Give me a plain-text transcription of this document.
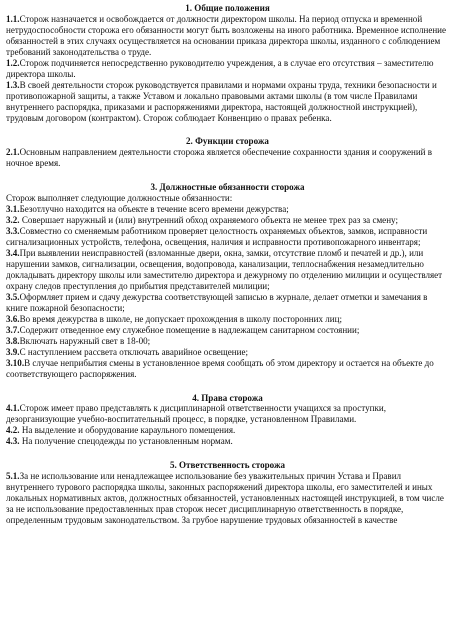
1. Общие положения

1.1.Сторож назначается и освобождается от должности директором школы. На период отпуска и временной нетрудоспособности сторожа его обязанности могут быть возложены на иного работника. Временное исполнение обязанностей в этих случаях осуществляется на основании приказа директора школы, изданного с соблюдением требований законодательства о труде.

1.2.Сторож подчиняется непосредственно руководителю учреждения, а в случае его отсутствия – заместителю директора школы.

1.3.В своей деятельности сторож руководствуется правилами и нормами охраны труда, техники безопасности и противопожарной защиты, а также Уставом и локально правовыми актами школы (в том числе Правилами внутреннего распорядка, приказами и распоряжениями директора, настоящей должностной инструкцией), трудовым договором (контрактом). Сторож соблюдает Конвенцию о правах ребенка.

2. Функции сторожа

2.1.Основным направлением деятельности сторожа является обеспечение сохранности здания и сооружений в ночное время.

3. Должностные обязанности сторожа

Сторож выполняет следующие должностные обязанности:

3.1.Безотлучно находится на объекте в течение всего времени дежурства;

3.2. Совершает наружный и (или) внутренний обход охраняемого объекта не менее трех раз за смену;

3.3.Совместно со сменяемым работником проверяет целостность охраняемых объектов, замков, исправности сигнализационных устройств, телефона, освещения, наличия и исправности противопожарного инвентаря;

3.4.При выявлении неисправностей (взломанные двери, окна, замки, отсутствие пломб и печатей и др.), или нарушении замков, сигнализации, освещения, водопровода, канализации, теплоснабжения незамедлительно докладывать директору школы или заместителю директора и дежурному по отделению милиции и осуществляет охрану следов преступления до прибытия представителей милиции;

3.5.Оформляет прием и сдачу дежурства соответствующей записью в журнале, делает отметки и замечания в книге пожарной безопасности;

3.6.Во время дежурства в школе, не допускает прохождения в школу посторонних лиц;

3.7.Содержит отведенное ему служебное помещение в надлежащем санитарном состоянии;

3.8.Включать наружный свет в 18-00;

3.9.С наступлением рассвета отключать аварийное освещение;

3.10.В случае неприбытия смены в установленное время сообщать об этом директору и остается на объекте до соответствующего распоряжения.

4. Права сторожа

4.1.Сторож имеет право представлять к дисциплинарной ответственности учащихся за проступки, дезорганизующие учебно-воспитательный процесс, в порядке, установленном Правилами.

4.2. На выделение и оборудование караульного помещения.

4.3. На получение спецодежды по установленным нормам.

5. Ответственность сторожа

5.1.За не использование или ненадлежащее использование без уважительных причин Устава и Правил внутреннего турового распорядка школы, законных распоряжений директора школы, его заместителей и иных локальных нормативных актов, должностных обязанностей, установленных настоящей инструкцией, в том числе за не использование предоставленных прав сторож несет дисциплинарную ответственность в порядке, определенным трудовым законодательством. За грубое нарушение трудовых обязанностей в качестве
